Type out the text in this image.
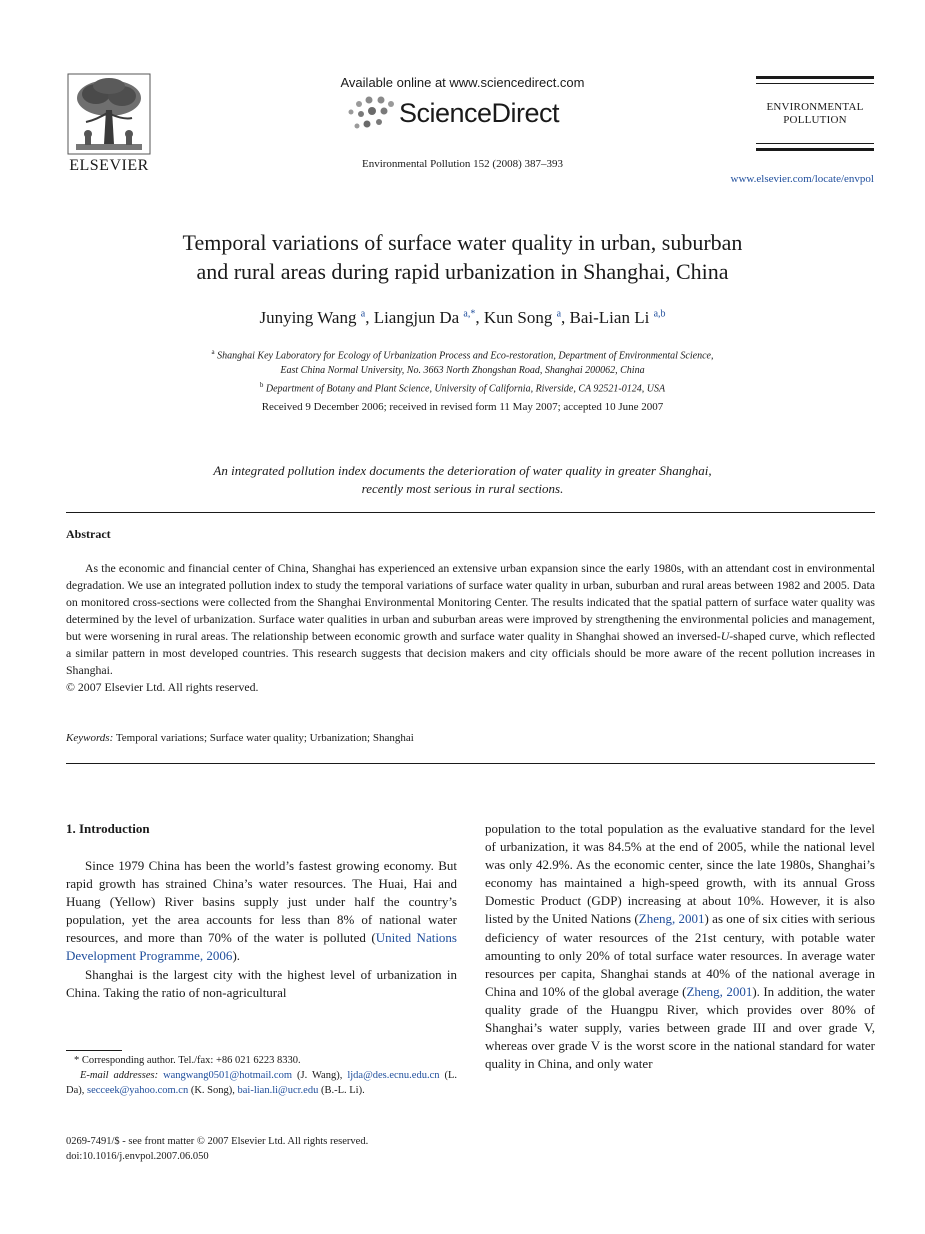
ELSEVIER
Available online at www.sciencedirect.com
ScienceDirect
Environmental Pollution 152 (2008) 387–393
ENVIRONMENTAL
POLLUTION
www.elsevier.com/locate/envpol
Temporal variations of surface water quality in urban, suburban
and rural areas during rapid urbanization in Shanghai, China
Junying Wang $^a$, Liangjun Da $^{a,*}$, Kun Song $^a$, Bai-Lian Li $^{a,b}$
$^a$ Shanghai Key Laboratory for Ecology of Urbanization Process and Eco-restoration, Department of Environmental Science,
East China Normal University, No. 3663 North Zhongshan Road, Shanghai 200062, China
$^b$ Department of Botany and Plant Science, University of California, Riverside, CA 92521-0124, USA
Received 9 December 2006; received in revised form 11 May 2007; accepted 10 June 2007
An integrated pollution index documents the deterioration of water quality in greater Shanghai,
recently most serious in rural sections.
Abstract

As the economic and financial center of China, Shanghai has experienced an extensive urban expansion since the early 1980s, with an attendant cost in environmental degradation. We use an integrated pollution index to study the temporal variations of surface water quality in urban, suburban and rural areas between 1982 and 2005. Data on monitored cross-sections were collected from the Shanghai Environmental Monitoring Center. The results indicated that the spatial pattern of surface water quality was determined by the level of urbanization. Surface water qualities in urban and suburban areas were improved by strengthening the environmental policies and management, but were worsening in rural areas. The relationship between economic growth and surface water quality in Shanghai showed an inversed-U-shaped curve, which reflected a similar pattern in most developed countries. This research suggests that decision makers and city officials should be more aware of the recent pollution increases in Shanghai.

© 2007 Elsevier Ltd. All rights reserved.

Keywords: Temporal variations; Surface water quality; Urbanization; Shanghai
1. Introduction

Since 1979 China has been the world’s fastest growing economy. But rapid growth has strained China’s water resources. The Huai, Hai and Huang (Yellow) River basins supply just under half the country’s population, yet the area accounts for less than 8% of national water resources, and more than 70% of the water is polluted (United Nations Development Programme, 2006).

Shanghai is the largest city with the highest level of urbanization in China. Taking the ratio of non-agricultural

population to the total population as the evaluative standard for the level of urbanization, it was 84.5% at the end of 2005, while the national level was only 42.9%. As the economic center, since the late 1980s, Shanghai’s economy has maintained a high-speed growth, with its annual Gross Domestic Product (GDP) increasing at about 10%. However, it is also listed by the United Nations (Zheng, 2001) as one of six cities with serious deficiency of water resources of the 21st century, with potable water amounting to only 20% of total surface water resources. In average water resources per capita, Shanghai stands at 40% of the national average in China and 10% of the global average (Zheng, 2001). In addition, the water quality grade of the Huangpu River, which provides over 80% of Shanghai’s water supply, varies between grade III and over grade V, whereas over grade V is the worst score in the national standard for water quality in China, and only water

* Corresponding author. Tel./fax: +86 021 6223 8330.

E-mail addresses: wangwang0501@hotmail.com (J. Wang), ljda@des.ecnu.edu.cn (L. Da), secceek@yahoo.com.cn (K. Song), bai-lian.li@ucr.edu (B.-L. Li).

0269-7491/$ - see front matter © 2007 Elsevier Ltd. All rights reserved.
doi:10.1016/j.envpol.2007.06.050
